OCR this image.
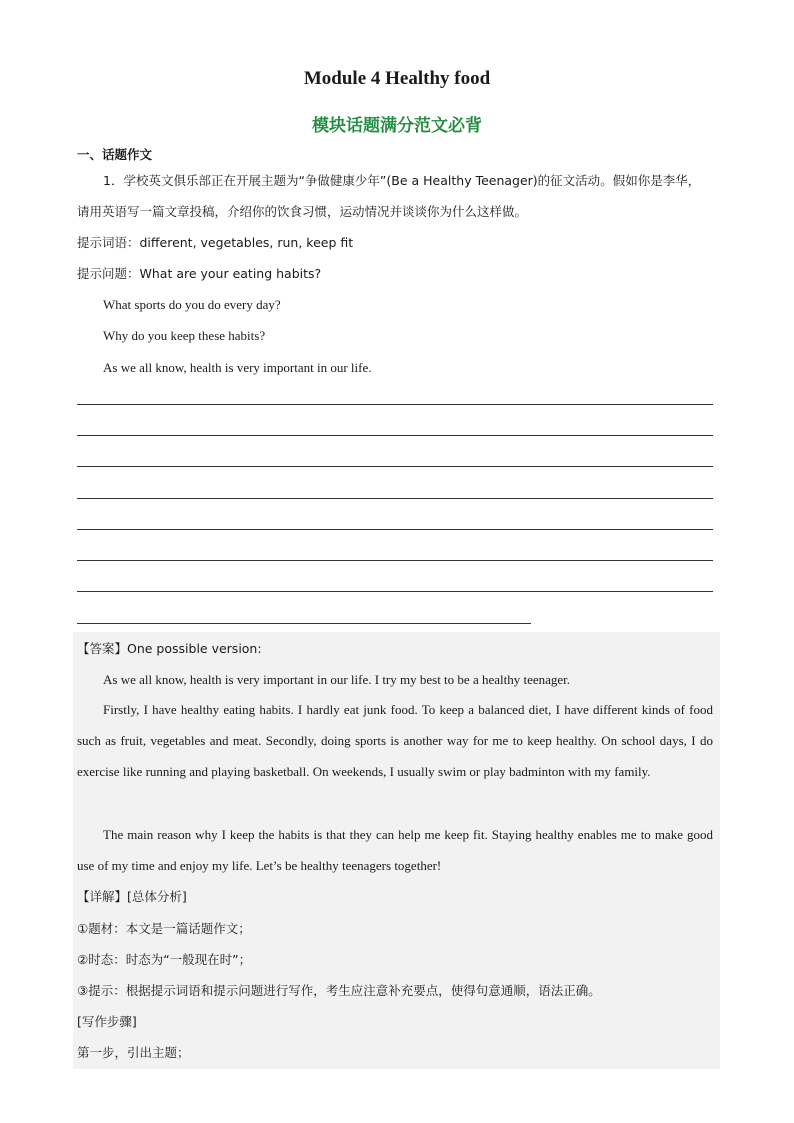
Module 4 Healthy food
模块话题满分范文必背
一、话题作文
1．学校英文俱乐部正在开展主题为“争做健康少年”(Be a Healthy Teenager)的征文活动。假如你是李华，
请用英语写一篇文章投稿，介绍你的饮食习惯，运动情况并谈谈你为什么这样做。
提示词语：different, vegetables, run, keep fit
提示问题：What are your eating habits?
What sports do you do every day?
Why do you keep these habits?
As we all know, health is very important in our life.
【答案】One possible version:
As we all know, health is very important in our life. I try my best to be a healthy teenager.
Firstly, I have healthy eating habits. I hardly eat junk food. To keep a balanced diet, I have different kinds of food such as fruit, vegetables and meat. Secondly, doing sports is another way for me to keep healthy. On school days, I do exercise like running and playing basketball. On weekends, I usually swim or play badminton with my family.
The main reason why I keep the habits is that they can help me keep fit. Staying healthy enables me to make good use of my time and enjoy my life. Let’s be healthy teenagers together!
【详解】[总体分析]
①题材：本文是一篇话题作文；
②时态：时态为“一般现在时”；
③提示：根据提示词语和提示问题进行写作，考生应注意补充要点，使得句意通顺，语法正确。
[写作步骤]
第一步，引出主题；
